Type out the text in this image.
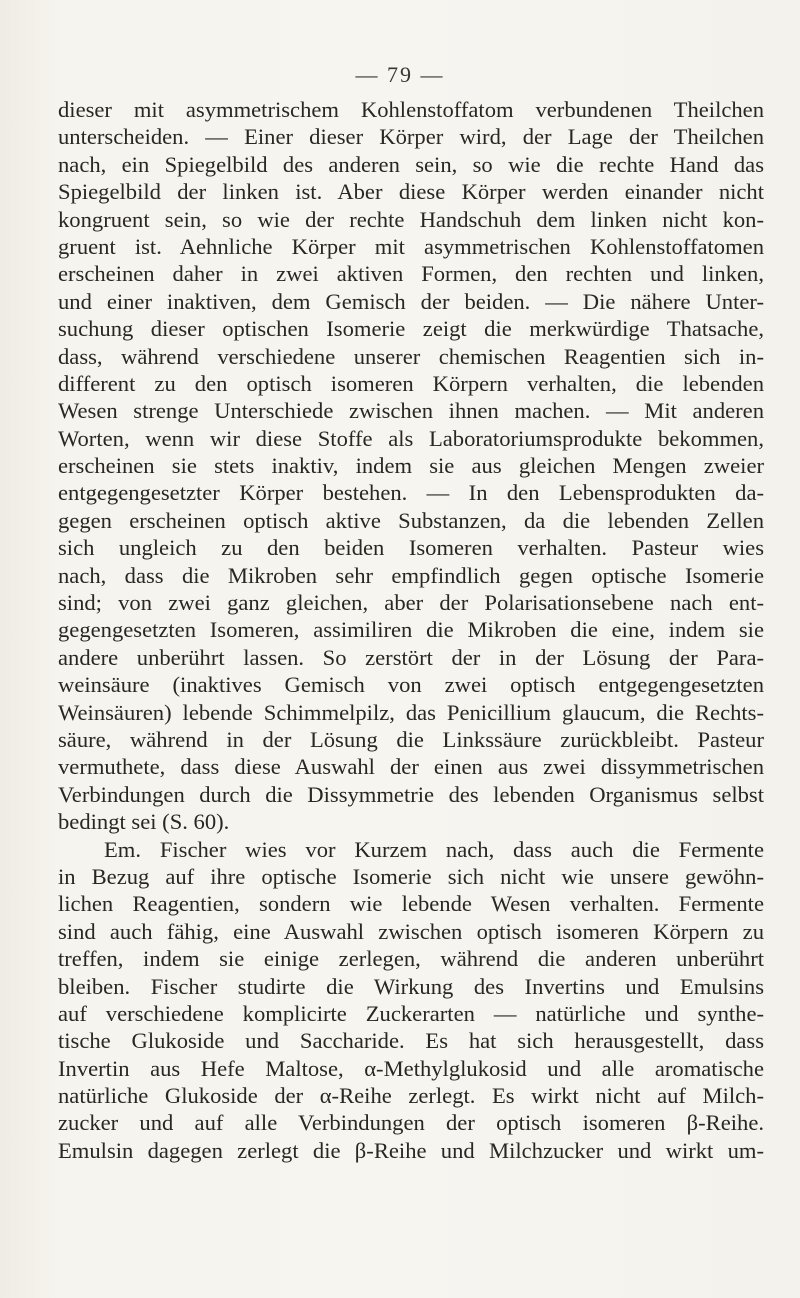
— 79 —
dieser mit asymmetrischem Kohlenstoffatom verbundenen Theilchen
unterscheiden. — Einer dieser Körper wird, der Lage der Theilchen
nach, ein Spiegelbild des anderen sein, so wie die rechte Hand das
Spiegelbild der linken ist. Aber diese Körper werden einander nicht
kongruent sein, so wie der rechte Handschuh dem linken nicht kon-
gruent ist. Aehnliche Körper mit asymmetrischen Kohlenstoffatomen
erscheinen daher in zwei aktiven Formen, den rechten und linken,
und einer inaktiven, dem Gemisch der beiden. — Die nähere Unter-
suchung dieser optischen Isomerie zeigt die merkwürdige Thatsache,
dass, während verschiedene unserer chemischen Reagentien sich in-
different zu den optisch isomeren Körpern verhalten, die lebenden
Wesen strenge Unterschiede zwischen ihnen machen. — Mit anderen
Worten, wenn wir diese Stoffe als Laboratoriumsprodukte bekommen,
erscheinen sie stets inaktiv, indem sie aus gleichen Mengen zweier
entgegengesetzter Körper bestehen. — In den Lebensprodukten da-
gegen erscheinen optisch aktive Substanzen, da die lebenden Zellen
sich ungleich zu den beiden Isomeren verhalten. Pasteur wies
nach, dass die Mikroben sehr empfindlich gegen optische Isomerie
sind; von zwei ganz gleichen, aber der Polarisationsebene nach ent-
gegengesetzten Isomeren, assimiliren die Mikroben die eine, indem sie
andere unberührt lassen. So zerstört der in der Lösung der Para-
weinsäure (inaktives Gemisch von zwei optisch entgegengesetzten
Weinsäuren) lebende Schimmelpilz, das Penicillium glaucum, die Rechts-
säure, während in der Lösung die Linkssäure zurückbleibt. Pasteur
vermuthete, dass diese Auswahl der einen aus zwei dissymmetrischen
Verbindungen durch die Dissymmetrie des lebenden Organismus selbst
bedingt sei (S. 60).
Em. Fischer wies vor Kurzem nach, dass auch die Fermente
in Bezug auf ihre optische Isomerie sich nicht wie unsere gewöhn-
lichen Reagentien, sondern wie lebende Wesen verhalten. Fermente
sind auch fähig, eine Auswahl zwischen optisch isomeren Körpern zu
treffen, indem sie einige zerlegen, während die anderen unberührt
bleiben. Fischer studirte die Wirkung des Invertins und Emulsins
auf verschiedene komplicirte Zuckerarten — natürliche und synthe-
tische Glukoside und Saccharide. Es hat sich herausgestellt, dass
Invertin aus Hefe Maltose, α-Methylglukosid und alle aromatische
natürliche Glukoside der α-Reihe zerlegt. Es wirkt nicht auf Milch-
zucker und auf alle Verbindungen der optisch isomeren β-Reihe.
Emulsin dagegen zerlegt die β-Reihe und Milchzucker und wirkt um-
